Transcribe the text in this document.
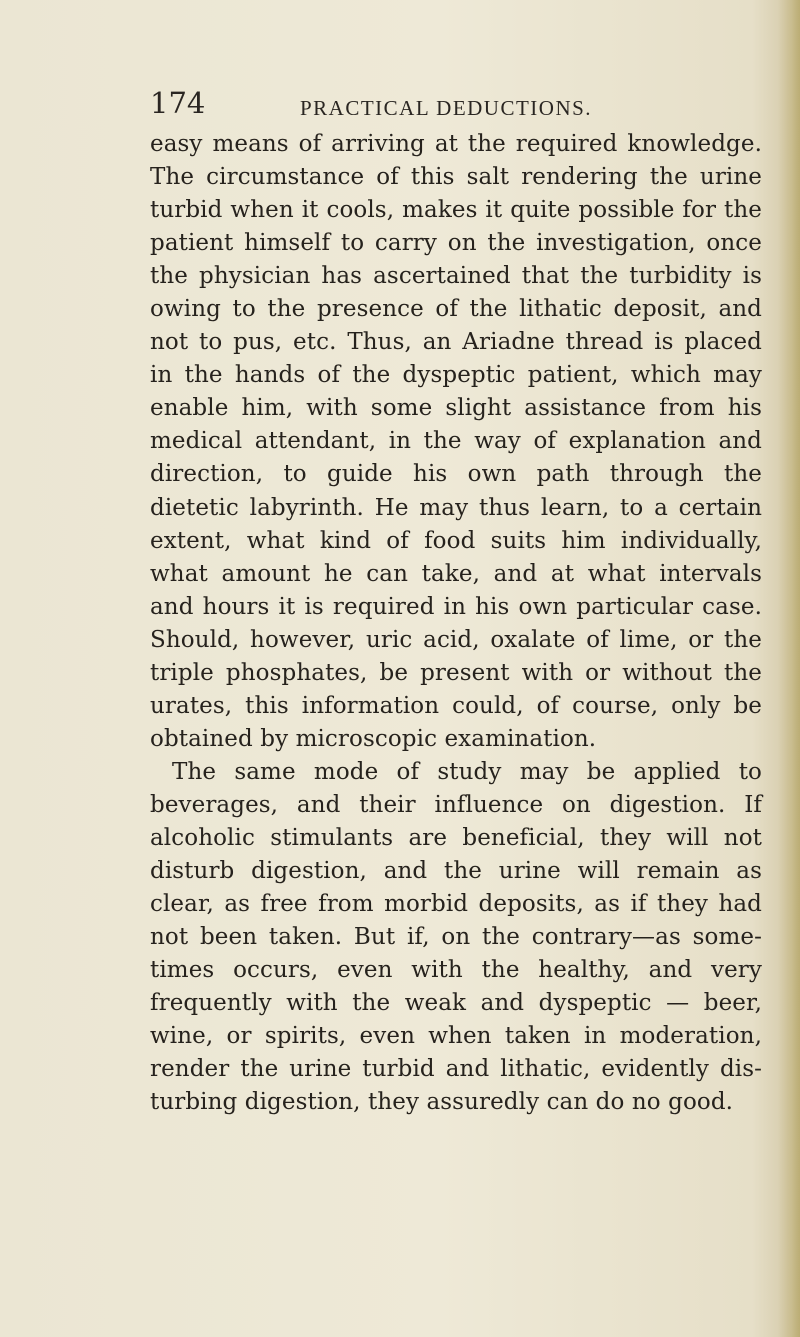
174	PRACTICAL DEDUCTIONS.
easy means of arriving at the required knowledge.
The circumstance of this salt rendering the urine
turbid when it cools, makes it quite possible for the
patient himself to carry on the investigation, once
the physician has ascertained that the turbidity is
owing to the presence of the lithatic deposit, and
not to pus, etc. Thus, an Ariadne thread is placed
in the hands of the dyspeptic patient, which may
enable him, with some slight assistance from his
medical attendant, in the way of explanation and
direction, to guide his own path through the
dietetic labyrinth. He may thus learn, to a certain
extent, what kind of food suits him individually,
what amount he can take, and at what intervals
and hours it is required in his own particular case.
Should, however, uric acid, oxalate of lime, or the
triple phosphates, be present with or without the
urates, this information could, of course, only be
obtained by microscopic examination.
The same mode of study may be applied to
beverages, and their influence on digestion. If
alcoholic stimulants are beneficial, they will not
disturb digestion, and the urine will remain as
clear, as free from morbid deposits, as if they had
not been taken. But if, on the contrary—as some-
times occurs, even with the healthy, and very
frequently with the weak and dyspeptic — beer,
wine, or spirits, even when taken in moderation,
render the urine turbid and lithatic, evidently dis-
turbing digestion, they assuredly can do no good.
